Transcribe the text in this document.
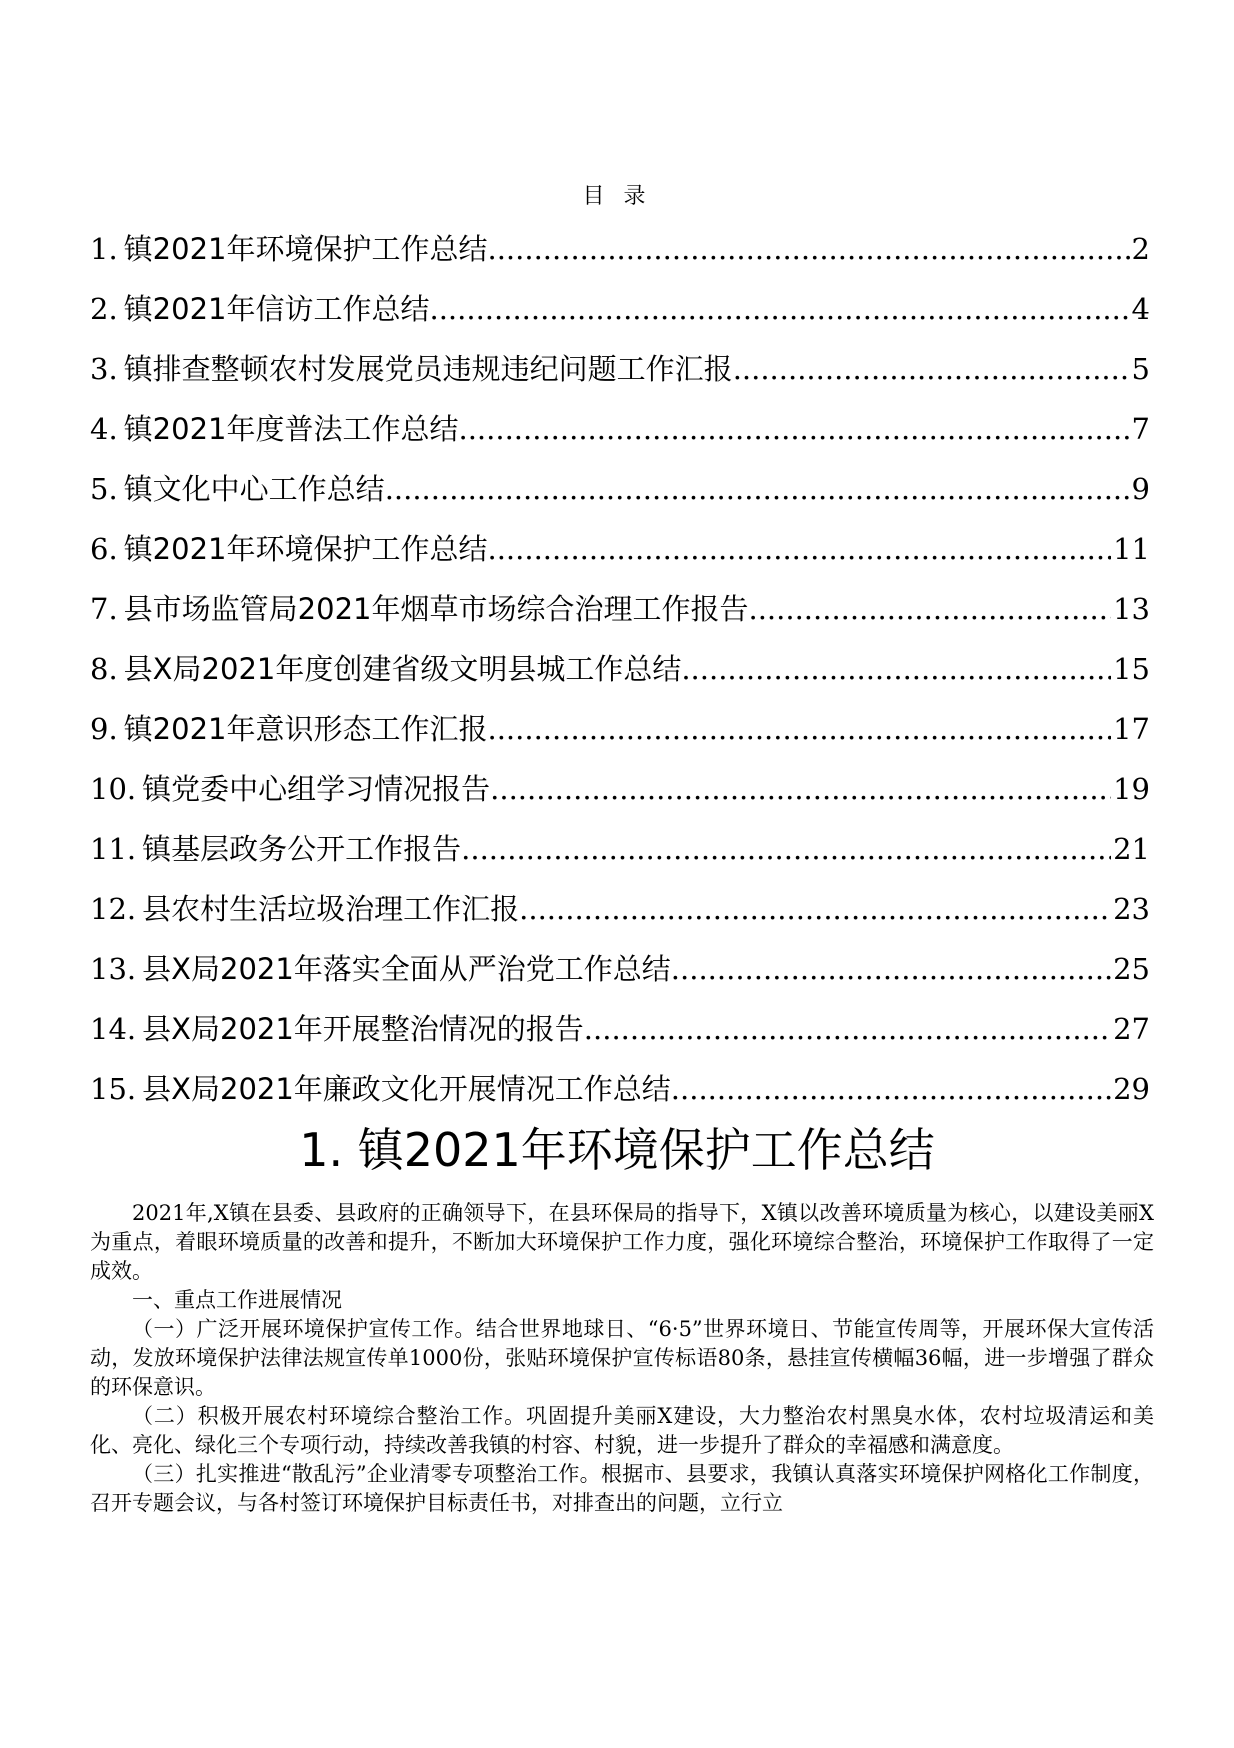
目 录
1. 镇2021年环境保护工作总结 .....	2
2. 镇2021年信访工作总结 .....	4
3. 镇排查整顿农村发展党员违规违纪问题工作汇报 .....	5
4. 镇2021年度普法工作总结 .....	7
5. 镇文化中心工作总结 .....	9
6. 镇2021年环境保护工作总结 .....	11
7. 县市场监管局2021年烟草市场综合治理工作报告 .....	13
8. 县X局2021年度创建省级文明县城工作总结 .....	15
9. 镇2021年意识形态工作汇报 .....	17
10. 镇党委中心组学习情况报告 .....	19
11. 镇基层政务公开工作报告 .....	21
12. 县农村生活垃圾治理工作汇报 .....	23
13. 县X局2021年落实全面从严治党工作总结 .....	25
14. 县X局2021年开展整治情况的报告 .....	27
15. 县X局2021年廉政文化开展情况工作总结 .....	29
1. 镇2021年环境保护工作总结

2021年,X镇在县委、县政府的正确领导下，在县环保局的指导下，X镇以改善环境质量为核心，以建设美丽X为重点，着眼环境质量的改善和提升，不断加大环境保护工作力度，强化环境综合整治，环境保护工作取得了一定成效。

一、重点工作进展情况

（一）广泛开展环境保护宣传工作。结合世界地球日、“6·5”世界环境日、节能宣传周等，开展环保大宣传活动，发放环境保护法律法规宣传单1000份，张贴环境保护宣传标语80条，悬挂宣传横幅36幅，进一步增强了群众的环保意识。

（二）积极开展农村环境综合整治工作。巩固提升美丽X建设，大力整治农村黑臭水体，农村垃圾清运和美化、亮化、绿化三个专项行动，持续改善我镇的村容、村貌，进一步提升了群众的幸福感和满意度。

（三）扎实推进“散乱污”企业清零专项整治工作。根据市、县要求，我镇认真落实环境保护网格化工作制度，召开专题会议，与各村签订环境保护目标责任书，对排查出的问题，立行立
